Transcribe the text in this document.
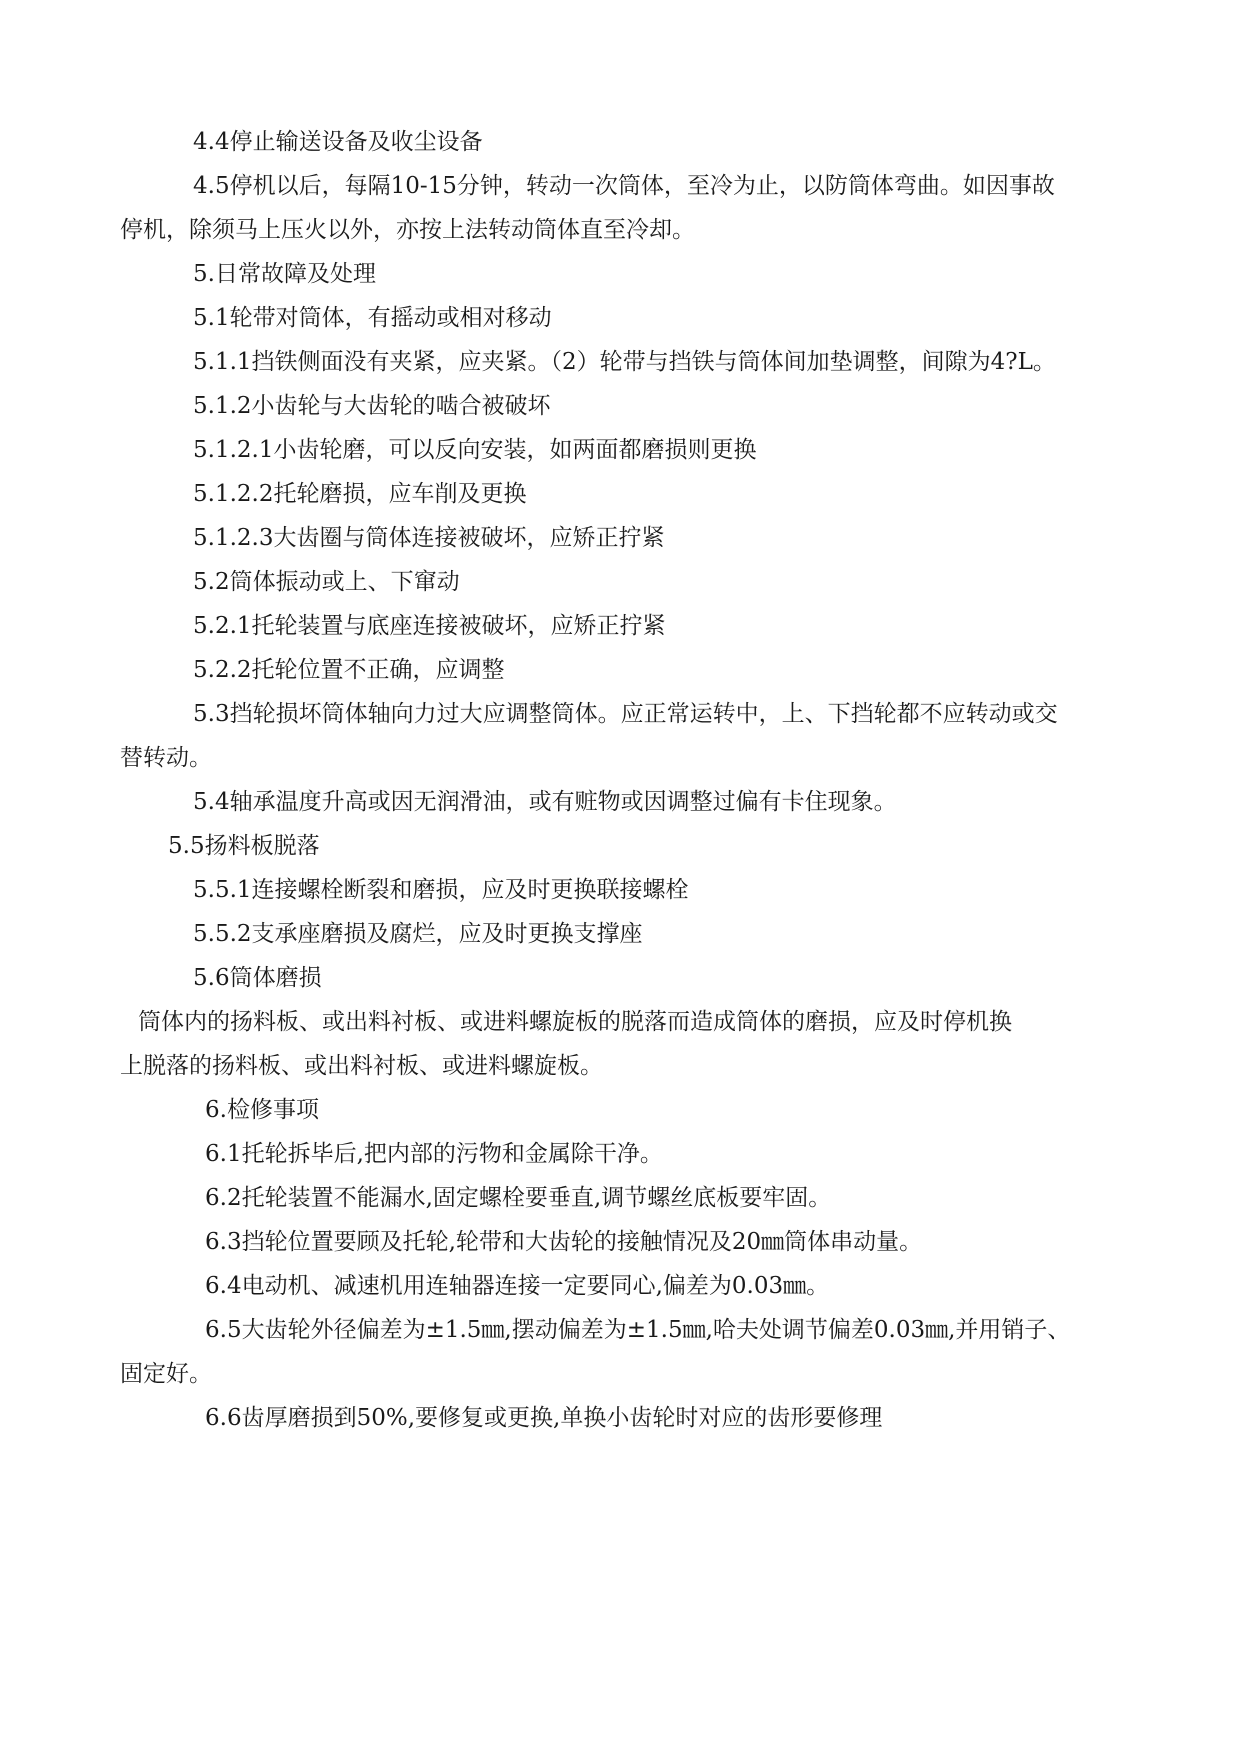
4.4停止输送设备及收尘设备

4.5停机以后，每隔10-15分钟，转动一次筒体，至冷为止，以防筒体弯曲。如因事故

停机，除须马上压火以外，亦按上法转动筒体直至冷却。

5.日常故障及处理

5.1轮带对筒体，有摇动或相对移动

5.1.1挡铁侧面没有夹紧，应夹紧。（2）轮带与挡铁与筒体间加垫调整，间隙为4?L。

5.1.2小齿轮与大齿轮的啮合被破坏

5.1.2.1小齿轮磨，可以反向安装，如两面都磨损则更换

5.1.2.2托轮磨损，应车削及更换

5.1.2.3大齿圈与筒体连接被破坏，应矫正拧紧

5.2筒体振动或上、下窜动

5.2.1托轮装置与底座连接被破坏，应矫正拧紧

5.2.2托轮位置不正确，应调整

5.3挡轮损坏筒体轴向力过大应调整筒体。应正常运转中，上、下挡轮都不应转动或交

替转动。

5.4轴承温度升高或因无润滑油，或有赃物或因调整过偏有卡住现象。

5.5扬料板脱落

5.5.1连接螺栓断裂和磨损，应及时更换联接螺栓

5.5.2支承座磨损及腐烂，应及时更换支撑座

5.6筒体磨损

筒体内的扬料板、或出料衬板、或进料螺旋板的脱落而造成筒体的磨损，应及时停机换

上脱落的扬料板、或出料衬板、或进料螺旋板。

6.检修事项

6.1托轮拆毕后,把内部的污物和金属除干净。

6.2托轮装置不能漏水,固定螺栓要垂直,调节螺丝底板要牢固。

6.3挡轮位置要顾及托轮,轮带和大齿轮的接触情况及20㎜筒体串动量。

6.4电动机、减速机用连轴器连接一定要同心,偏差为0.03㎜。

6.5大齿轮外径偏差为±1.5㎜,摆动偏差为±1.5㎜,哈夫处调节偏差0.03㎜,并用销子、

固定好。

6.6齿厚磨损到50%,要修复或更换,单换小齿轮时对应的齿形要修理
